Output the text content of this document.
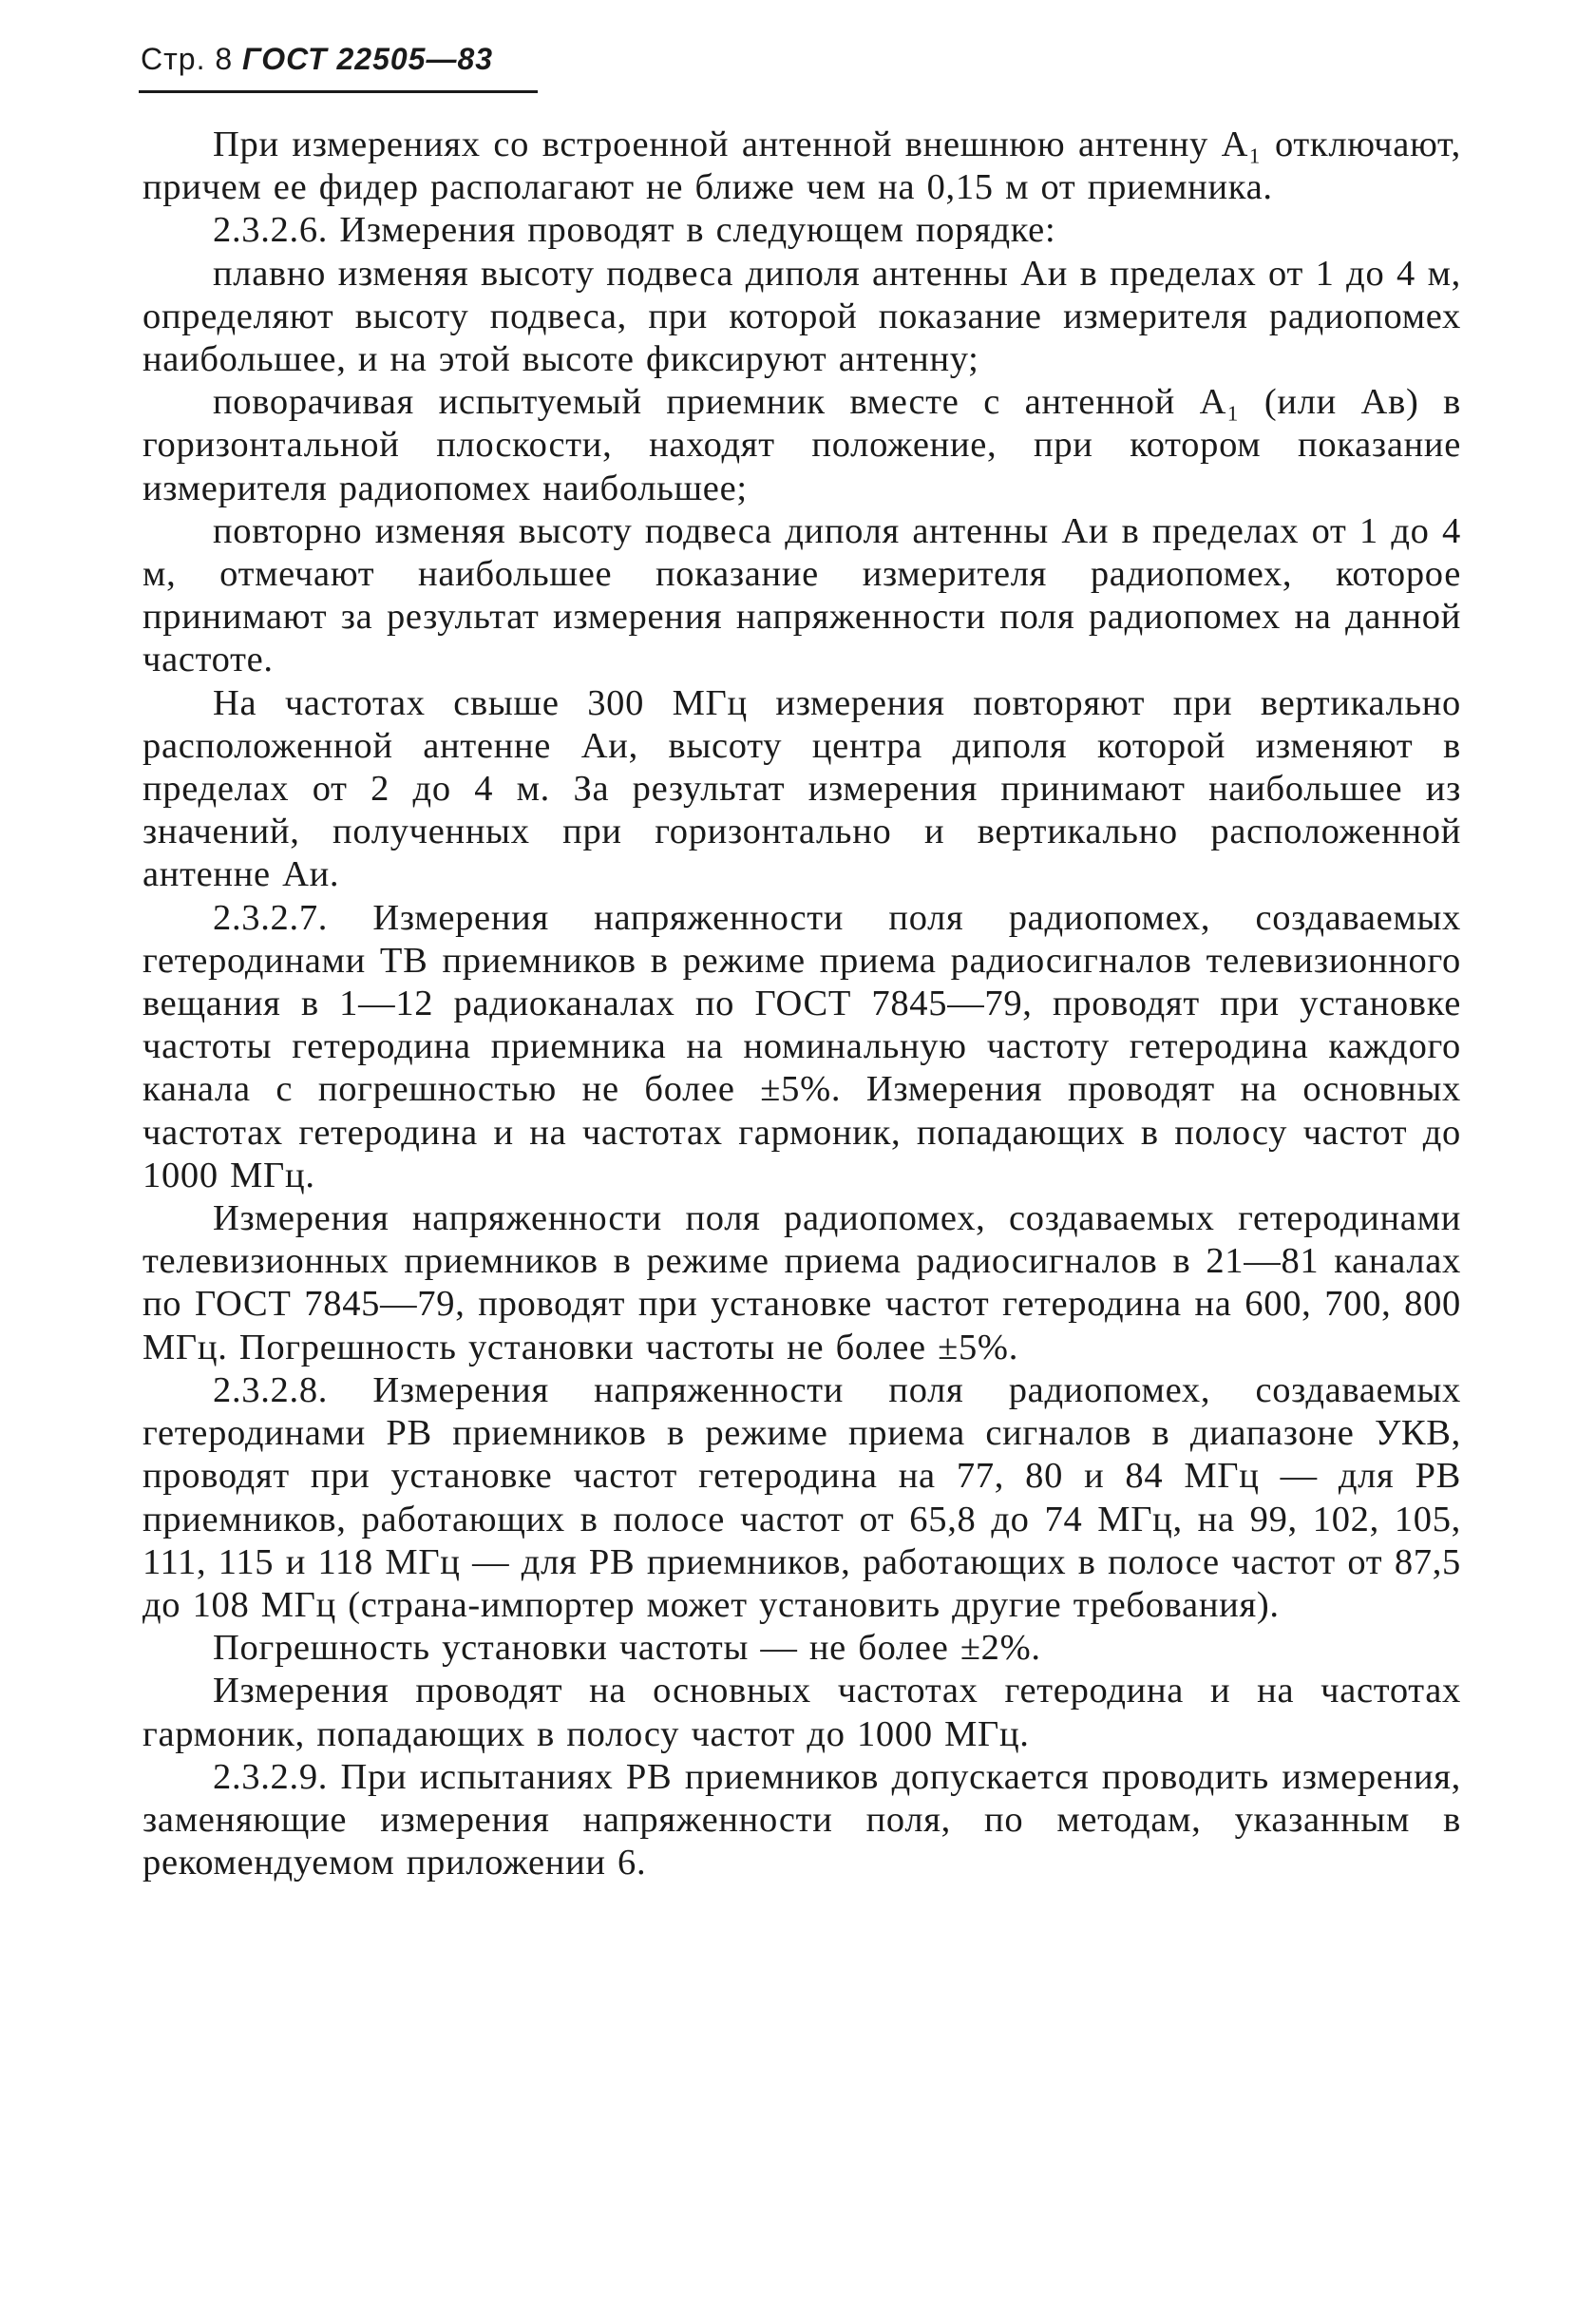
Стр. 8 ГОСТ 22505—83

При измерениях со встроенной антенной внешнюю антенну A₁ отключают, причем ее фидер располагают не ближе чем на 0,15 м от приемника.

2.3.2.6. Измерения проводят в следующем порядке:

плавно изменяя высоту подвеса диполя антенны Aи в пределах от 1 до 4 м, определяют высоту подвеса, при которой показание измерителя радиопомех наибольшее, и на этой высоте фиксируют антенну;

поворачивая испытуемый приемник вместе с антенной A₁ (или Aв) в горизонтальной плоскости, находят положение, при котором показание измерителя радиопомех наибольшее;

повторно изменяя высоту подвеса диполя антенны Aи в пределах от 1 до 4 м, отмечают наибольшее показание измерителя радиопомех, которое принимают за результат измерения напряженности поля радиопомех на данной частоте.

На частотах свыше 300 МГц измерения повторяют при вертикально расположенной антенне Aи, высоту центра диполя которой изменяют в пределах от 2 до 4 м. За результат измерения принимают наибольшее из значений, полученных при горизонтально и вертикально расположенной антенне Aи.

2.3.2.7. Измерения напряженности поля радиопомех, создаваемых гетеродинами ТВ приемников в режиме приема радиосигналов телевизионного вещания в 1—12 радиоканалах по ГОСТ 7845—79, проводят при установке частоты гетеродина приемника на номинальную частоту гетеродина каждого канала с погрешностью не более ±5%. Измерения проводят на основных частотах гетеродина и на частотах гармоник, попадающих в полосу частот до 1000 МГц.

Измерения напряженности поля радиопомех, создаваемых гетеродинами телевизионных приемников в режиме приема радиосигналов в 21—81 каналах по ГОСТ 7845—79, проводят при установке частот гетеродина на 600, 700, 800 МГц. Погрешность установки частоты не более ±5%.

2.3.2.8. Измерения напряженности поля радиопомех, создаваемых гетеродинами РВ приемников в режиме приема сигналов в диапазоне УКВ, проводят при установке частот гетеродина на 77, 80 и 84 МГц — для РВ приемников, работающих в полосе частот от 65,8 до 74 МГц, на 99, 102, 105, 111, 115 и 118 МГц — для РВ приемников, работающих в полосе частот от 87,5 до 108 МГц (страна-импортер может установить другие требования).

Погрешность установки частоты — не более ±2%.

Измерения проводят на основных частотах гетеродина и на частотах гармоник, попадающих в полосу частот до 1000 МГц.

2.3.2.9. При испытаниях РВ приемников допускается проводить измерения, заменяющие измерения напряженности поля, по методам, указанным в рекомендуемом приложении 6.
